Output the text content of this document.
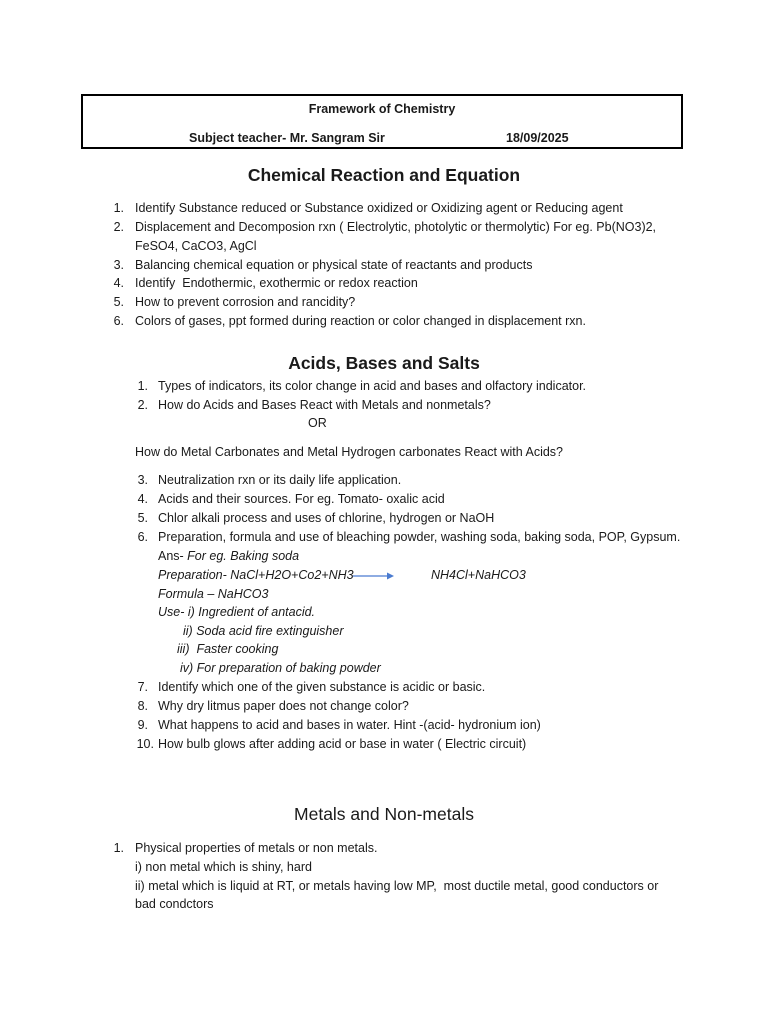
Framework of Chemistry
Subject teacher- Mr. Sangram Sir	18/09/2025
Chemical Reaction and Equation
1. Identify Substance reduced or Substance oxidized or Oxidizing agent or Reducing agent
2. Displacement and Decomposion rxn ( Electrolytic, photolytic or thermolytic) For eg. Pb(NO3)2,
FeSO4, CaCO3, AgCl
3. Balancing chemical equation or physical state of reactants and products
4. Identify  Endothermic, exothermic or redox reaction
5. How to prevent corrosion and rancidity?
6. Colors of gases, ppt formed during reaction or color changed in displacement rxn.
Acids, Bases and Salts
1. Types of indicators, its color change in acid and bases and olfactory indicator.
2. How do Acids and Bases React with Metals and nonmetals?
OR
How do Metal Carbonates and Metal Hydrogen carbonates React with Acids?
3. Neutralization rxn or its daily life application.
4. Acids and their sources. For eg. Tomato- oxalic acid
5. Chlor alkali process and uses of chlorine, hydrogen or NaOH
6. Preparation, formula and use of bleaching powder, washing soda, baking soda, POP, Gypsum.
Ans- For eg. Baking soda
Preparation- NaCl+H2O+Co2+NH3	NH4Cl+NaHCO3
Formula – NaHCO3
Use- i) Ingredient of antacid.
ii) Soda acid fire extinguisher
iii)  Faster cooking
iv) For preparation of baking powder
7. Identify which one of the given substance is acidic or basic.
8. Why dry litmus paper does not change color?
9. What happens to acid and bases in water. Hint -(acid- hydronium ion)
10. How bulb glows after adding acid or base in water ( Electric circuit)
Metals and Non-metals
1. Physical properties of metals or non metals.
i) non metal which is shiny, hard
ii) metal which is liquid at RT, or metals having low MP,  most ductile metal, good conductors or
bad condctors
